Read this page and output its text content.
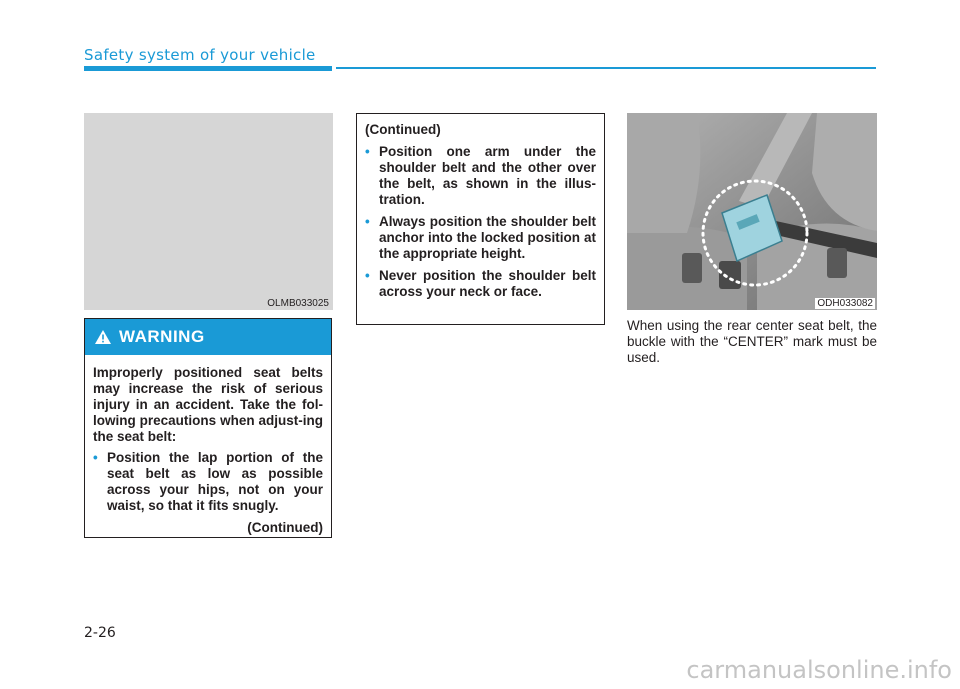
Safety system of your vehicle
OLMB033025
WARNING

Improperly positioned seat belts may increase the risk of serious injury in an accident. Take the fol-lowing precautions when adjust-ing the seat belt:

• Position the lap portion of the seat belt as low as possible across your hips, not on your waist, so that it fits snugly.
(Continued)
(Continued)
• Position one arm under the shoulder belt and the other over the belt, as shown in the illus-tration.
• Always position the shoulder belt anchor into the locked position at the appropriate height.
• Never position the shoulder belt across your neck or face.
ODH033082
When using the rear center seat belt, the buckle with the “CENTER” mark must be used.
2-26
carmanualsonline.info
